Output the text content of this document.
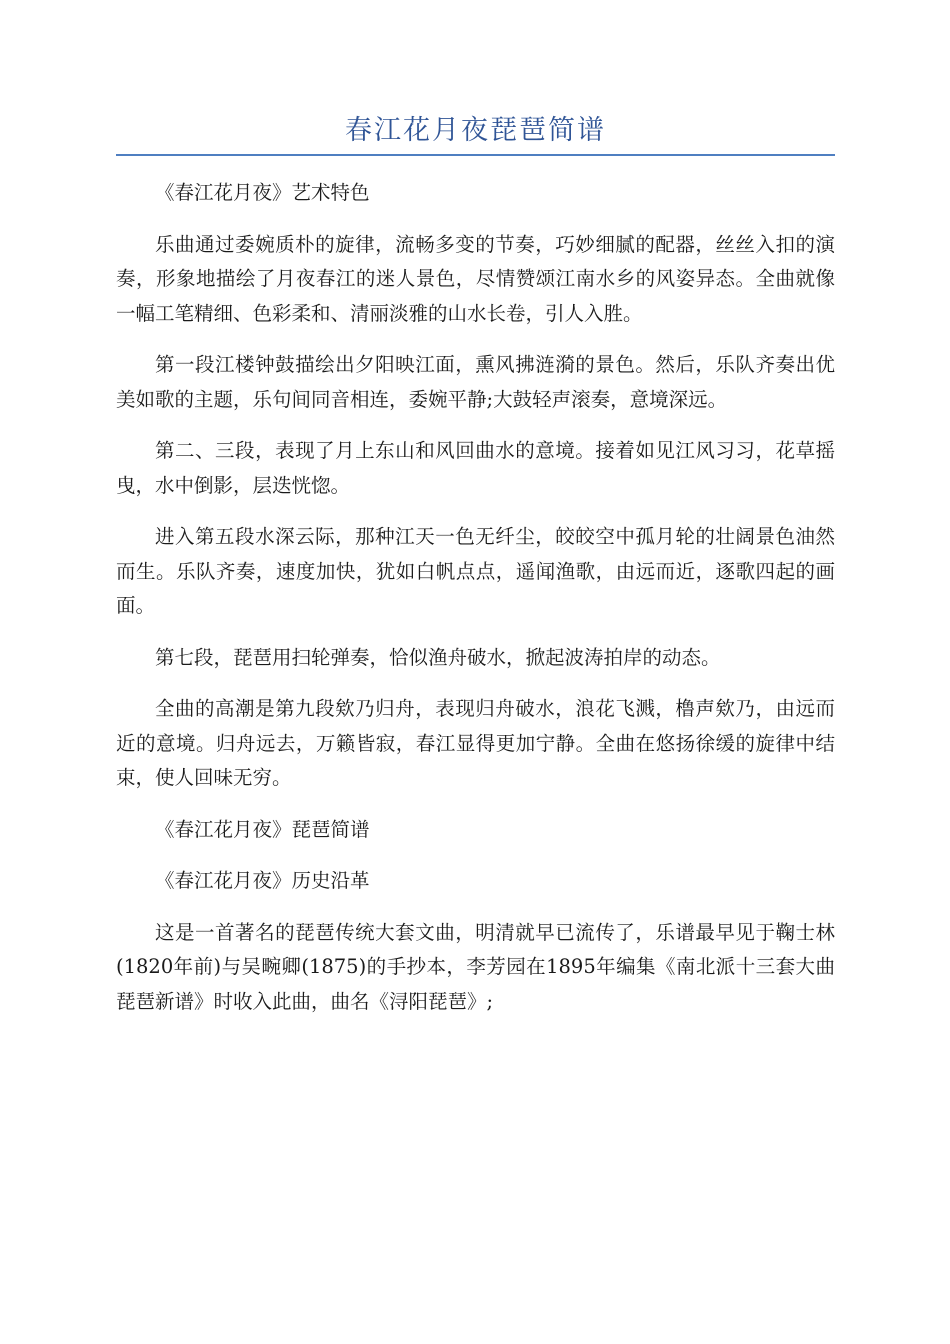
春江花月夜琵琶简谱

《春江花月夜》艺术特色

乐曲通过委婉质朴的旋律，流畅多变的节奏，巧妙细腻的配器，丝丝入扣的演奏，形象地描绘了月夜春江的迷人景色，尽情赞颂江南水乡的风姿异态。全曲就像一幅工笔精细、色彩柔和、清丽淡雅的山水长卷，引人入胜。

第一段江楼钟鼓描绘出夕阳映江面，熏风拂涟漪的景色。然后，乐队齐奏出优美如歌的主题，乐句间同音相连，委婉平静;大鼓轻声滚奏，意境深远。

第二、三段，表现了月上东山和风回曲水的意境。接着如见江风习习，花草摇曳，水中倒影，层迭恍惚。

进入第五段水深云际，那种江天一色无纤尘，皎皎空中孤月轮的壮阔景色油然而生。乐队齐奏，速度加快，犹如白帆点点，遥闻渔歌，由远而近，逐歌四起的画面。

第七段，琵琶用扫轮弹奏，恰似渔舟破水，掀起波涛拍岸的动态。

全曲的高潮是第九段欸乃归舟，表现归舟破水，浪花飞溅，橹声欸乃，由远而近的意境。归舟远去，万籁皆寂，春江显得更加宁静。全曲在悠扬徐缓的旋律中结束，使人回味无穷。

《春江花月夜》琵琶简谱

《春江花月夜》历史沿革

这是一首著名的琵琶传统大套文曲，明清就早已流传了，乐谱最早见于鞠士林(1820年前)与吴畹卿(1875)的手抄本，李芳园在1895年编集《南北派十三套大曲琵琶新谱》时收入此曲，曲名《浔阳琵琶》;
